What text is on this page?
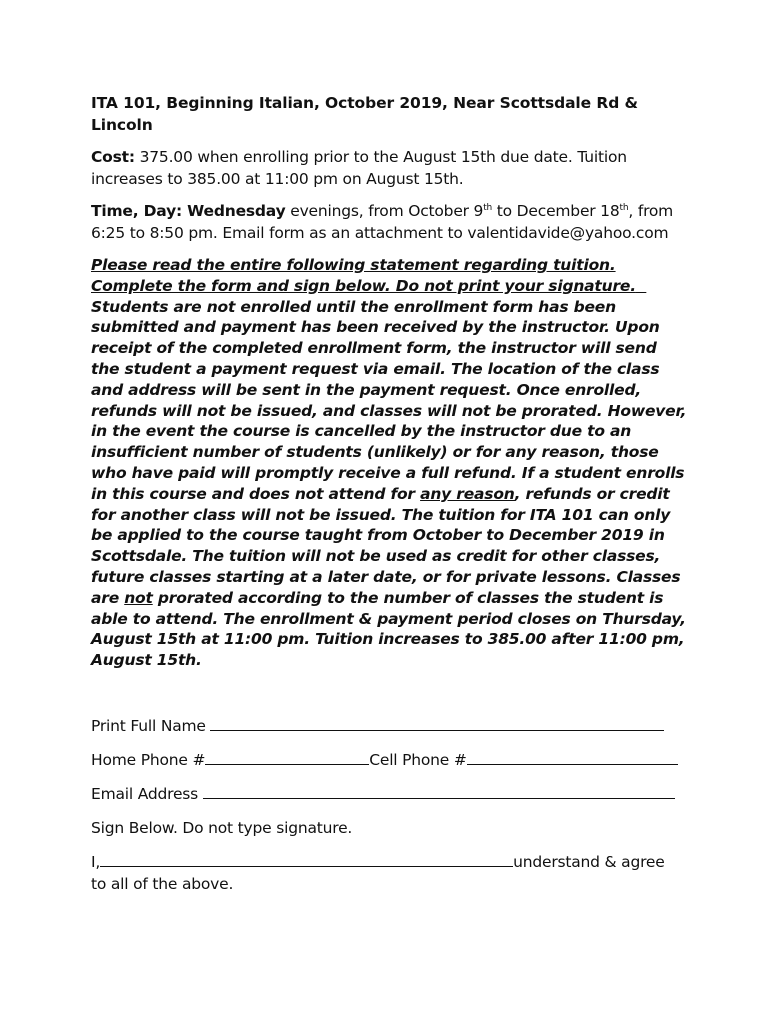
ITA 101, Beginning Italian, October 2019, Near Scottsdale Rd & Lincoln

Cost: 375.00 when enrolling prior to the August 15th due date. Tuition increases to 385.00 at 11:00 pm on August 15th.

Time, Day: Wednesday evenings, from October 9th to December 18th, from 6:25 to 8:50 pm. Email form as an attachment to valentidavide@yahoo.com

Please read the entire following statement regarding tuition. Complete the form and sign below. Do not print your signature.   Students are not enrolled until the enrollment form has been submitted and payment has been received by the instructor. Upon receipt of the completed enrollment form, the instructor will send the student a payment request via email. The location of the class and address will be sent in the payment request. Once enrolled, refunds will not be issued, and classes will not be prorated. However, in the event the course is cancelled by the instructor due to an insufficient number of students (unlikely) or for any reason, those who have paid will promptly receive a full refund. If a student enrolls in this course and does not attend for any reason, refunds or credit for another class will not be issued. The tuition for ITA 101 can only be applied to the course taught from October to December 2019 in Scottsdale. The tuition will not be used as credit for other classes, future classes starting at a later date, or for private lessons. Classes are not prorated according to the number of classes the student is able to attend. The enrollment & payment period closes on Thursday, August 15th at 11:00 pm. Tuition increases to 385.00 after 11:00 pm, August 15th.

Print Full Name
Home Phone #	Cell Phone #
Email Address
Sign Below. Do not type signature.
I,	understand & agree
to all of the above.
